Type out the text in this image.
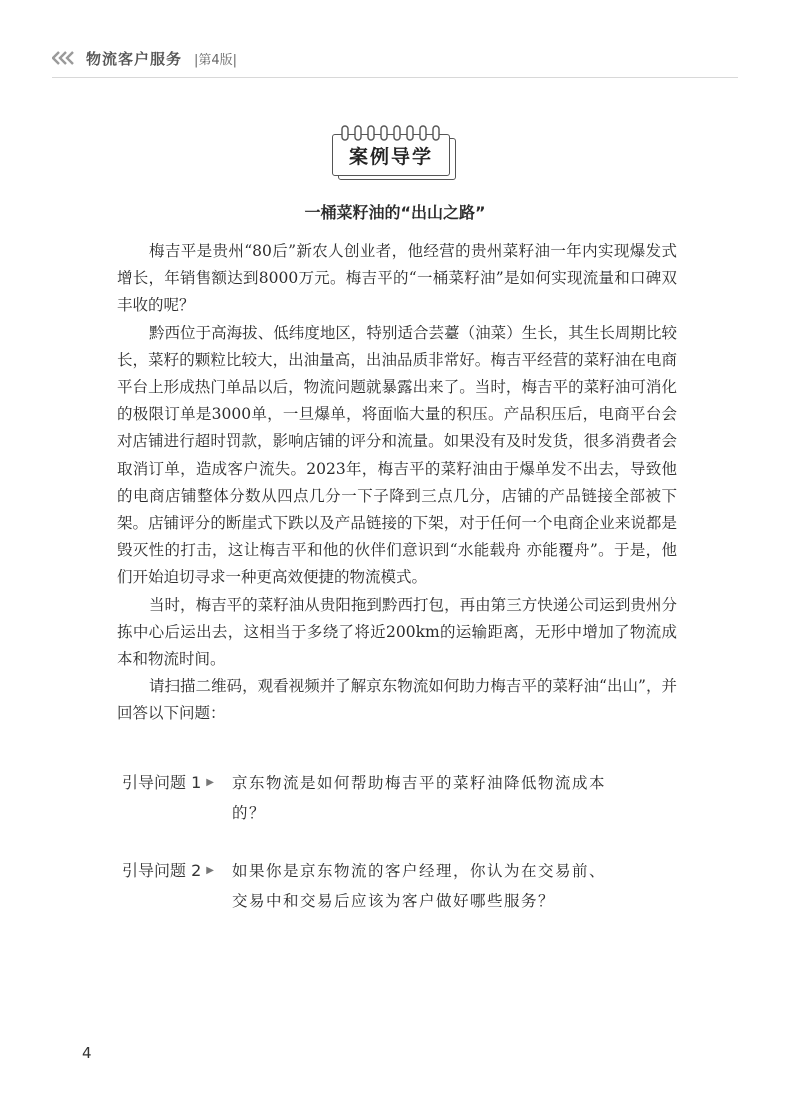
物流客户服务 |第4版|
案例导学
一桶菜籽油的“出山之路”

梅吉平是贵州“80后”新农人创业者，他经营的贵州菜籽油一年内实现爆发式增长，年销售额达到8000万元。梅吉平的“一桶菜籽油”是如何实现流量和口碑双丰收的呢？

黔西位于高海拔、低纬度地区，特别适合芸薹（油菜）生长，其生长周期比较长，菜籽的颗粒比较大，出油量高，出油品质非常好。梅吉平经营的菜籽油在电商平台上形成热门单品以后，物流问题就暴露出来了。当时，梅吉平的菜籽油可消化的极限订单是3000单，一旦爆单，将面临大量的积压。产品积压后，电商平台会对店铺进行超时罚款，影响店铺的评分和流量。如果没有及时发货，很多消费者会取消订单，造成客户流失。2023年，梅吉平的菜籽油由于爆单发不出去，导致他的电商店铺整体分数从四点几分一下子降到三点几分，店铺的产品链接全部被下架。店铺评分的断崖式下跌以及产品链接的下架，对于任何一个电商企业来说都是毁灭性的打击，这让梅吉平和他的伙伴们意识到“水能载舟 亦能覆舟”。于是，他们开始迫切寻求一种更高效便捷的物流模式。

当时，梅吉平的菜籽油从贵阳拖到黔西打包，再由第三方快递公司运到贵州分拣中心后运出去，这相当于多绕了将近200km的运输距离，无形中增加了物流成本和物流时间。

请扫描二维码，观看视频并了解京东物流如何助力梅吉平的菜籽油“出山”，并回答以下问题：

引导问题 1 ▶ 京东物流是如何帮助梅吉平的菜籽油降低物流成本的？
引导问题 2 ▶ 如果你是京东物流的客户经理，你认为在交易前、交易中和交易后应该为客户做好哪些服务？
4
